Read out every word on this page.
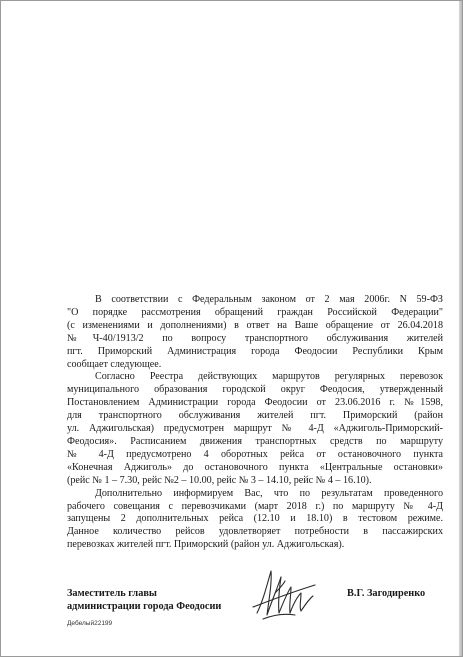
В соответствии с Федеральным законом от 2 мая 2006г. N 59-ФЗ
"О порядке рассмотрения обращений граждан Российской Федерации"
(с изменениями и дополнениями) в ответ на Ваше обращение от 26.04.2018
№Ч-40/1913/2 по вопросу транспортного обслуживания жителей
пгт. Приморский Администрация города Феодосии Республики Крым
сообщает следующее.

Согласно Реестра действующих маршрутов регулярных перевозок
муниципального образования городской округ Феодосия, утвержденный
Постановлением Администрации города Феодосии от 23.06.2016 г. №1598,
для транспортного обслуживания жителей пгт. Приморский (район
ул. Аджигольская) предусмотрен маршрут № 4-Д «Аджиголь-Приморский-
Феодосия». Расписанием движения транспортных средств по маршруту
№ 4-Д предусмотрено 4 оборотных рейса от остановочного пункта
«Конечная Аджиголь» до остановочного пункта «Центральные остановки»
(рейс № 1 – 7.30, рейс №2 – 10.00, рейс № 3 – 14.10, рейс № 4 – 16.10).

Дополнительно информируем Вас, что по результатам проведенного
рабочего совещания с перевозчиками (март 2018 г.) по маршруту № 4-Д
запущены 2 дополнительных рейса (12.10 и 18.10) в тестовом режиме.
Данное количество рейсов удовлетворяет потребности в пассажирских
перевозках жителей пгт. Приморский (район ул. Аджигольская).

Заместитель главы
администрации города Феодосии
В.Г. Загодиренко
Дебелый22199
